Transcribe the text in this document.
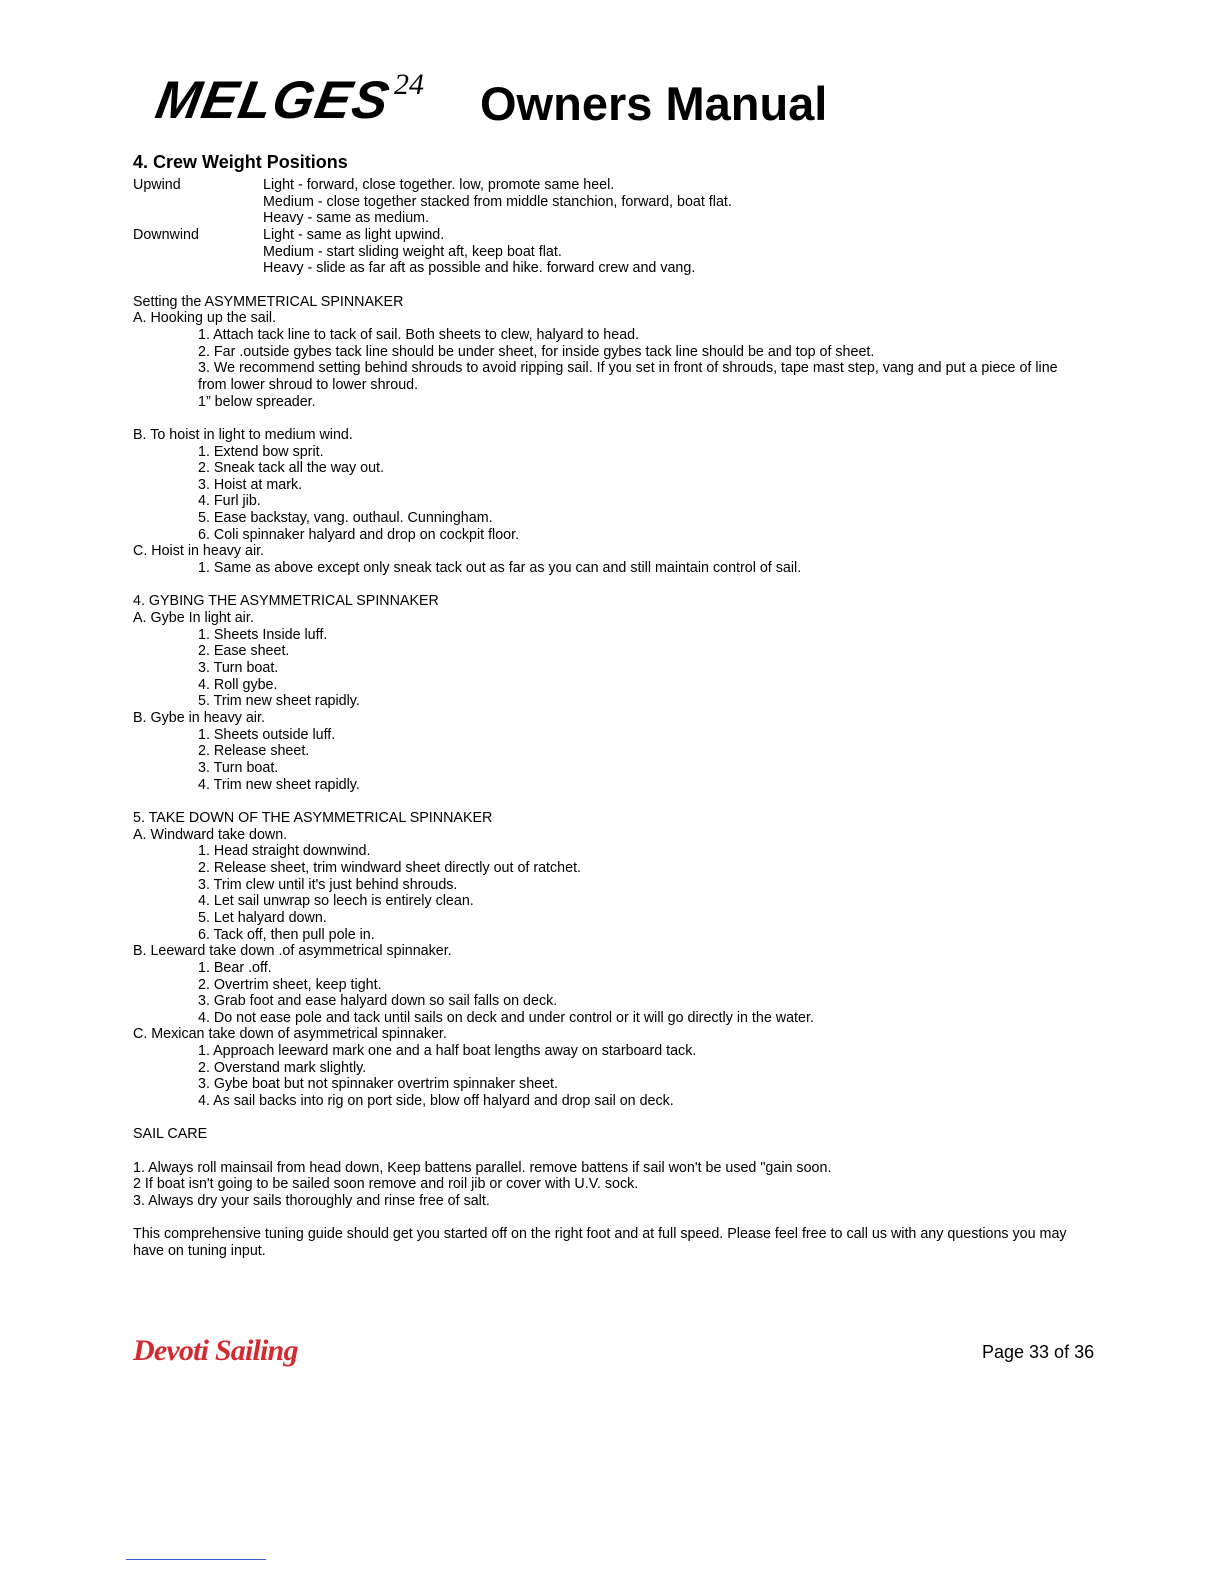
MELGES 24 Owners Manual
4. Crew Weight Positions
Upwind	Light - forward, close together. low, promote same heel.
Medium - close together stacked from middle stanchion, forward, boat flat.
Heavy - same as medium.
Downwind	Light - same as light upwind.
Medium - start sliding weight aft, keep boat flat.
Heavy - slide as far aft as possible and hike. forward crew and vang.
Setting the ASYMMETRICAL SPINNAKER
A. Hooking up the sail.
1. Attach tack line to tack of sail. Both sheets to clew, halyard to head.
2. Far .outside gybes tack line should be under sheet, for inside gybes tack line should be and top of sheet.
3. We recommend setting behind shrouds to avoid ripping sail. If you set in front of shrouds, tape mast step, vang and put a piece of line
from lower shroud to lower shroud.
1” below spreader.
B. To hoist in light to medium wind.
1. Extend bow sprit.
2. Sneak tack all the way out.
3. Hoist at mark.
4. Furl jib.
5. Ease backstay, vang. outhaul. Cunningham.
6. Coli spinnaker halyard and drop on cockpit floor.
C. Hoist in heavy air.
1. Same as above except only sneak tack out as far as you can and still maintain control of sail.
4. GYBING THE ASYMMETRICAL SPINNAKER
A. Gybe In light air.
1. Sheets Inside luff.
2. Ease sheet.
3. Turn boat.
4. Roll gybe.
5. Trim new sheet rapidly.
B. Gybe in heavy air.
1. Sheets outside luff.
2. Release sheet.
3. Turn boat.
4. Trim new sheet rapidly.
5. TAKE DOWN OF THE ASYMMETRICAL SPINNAKER
A. Windward take down.
1. Head straight downwind.
2. Release sheet, trim windward sheet directly out of ratchet.
3. Trim clew until it's just behind shrouds.
4. Let sail unwrap so leech is entirely clean.
5. Let halyard down.
6. Tack off, then pull pole in.
B. Leeward take down .of asymmetrical spinnaker.
1. Bear .off.
2. Overtrim sheet, keep tight.
3. Grab foot and ease halyard down so sail falls on deck.
4. Do not ease pole and tack until sails on deck and under control or it will go directly in the water.
C. Mexican take down of asymmetrical spinnaker.
1. Approach leeward mark one and a half boat lengths away on starboard tack.
2. Overstand mark slightly.
3. Gybe boat but not spinnaker overtrim spinnaker sheet.
4. As sail backs into rig on port side, blow off halyard and drop sail on deck.
SAIL CARE
1. Always roll mainsail from head down, Keep battens parallel. remove battens if sail won't be used "gain soon.
2 If boat isn't going to be sailed soon remove and roil jib or cover with U.V. sock.
3. Always dry your sails thoroughly and rinse free of salt.
This comprehensive tuning guide should get you started off on the right foot and at full speed. Please feel free to call us with any questions you may
have on tuning input.
Devoti Sailing	Page 33 of 36
